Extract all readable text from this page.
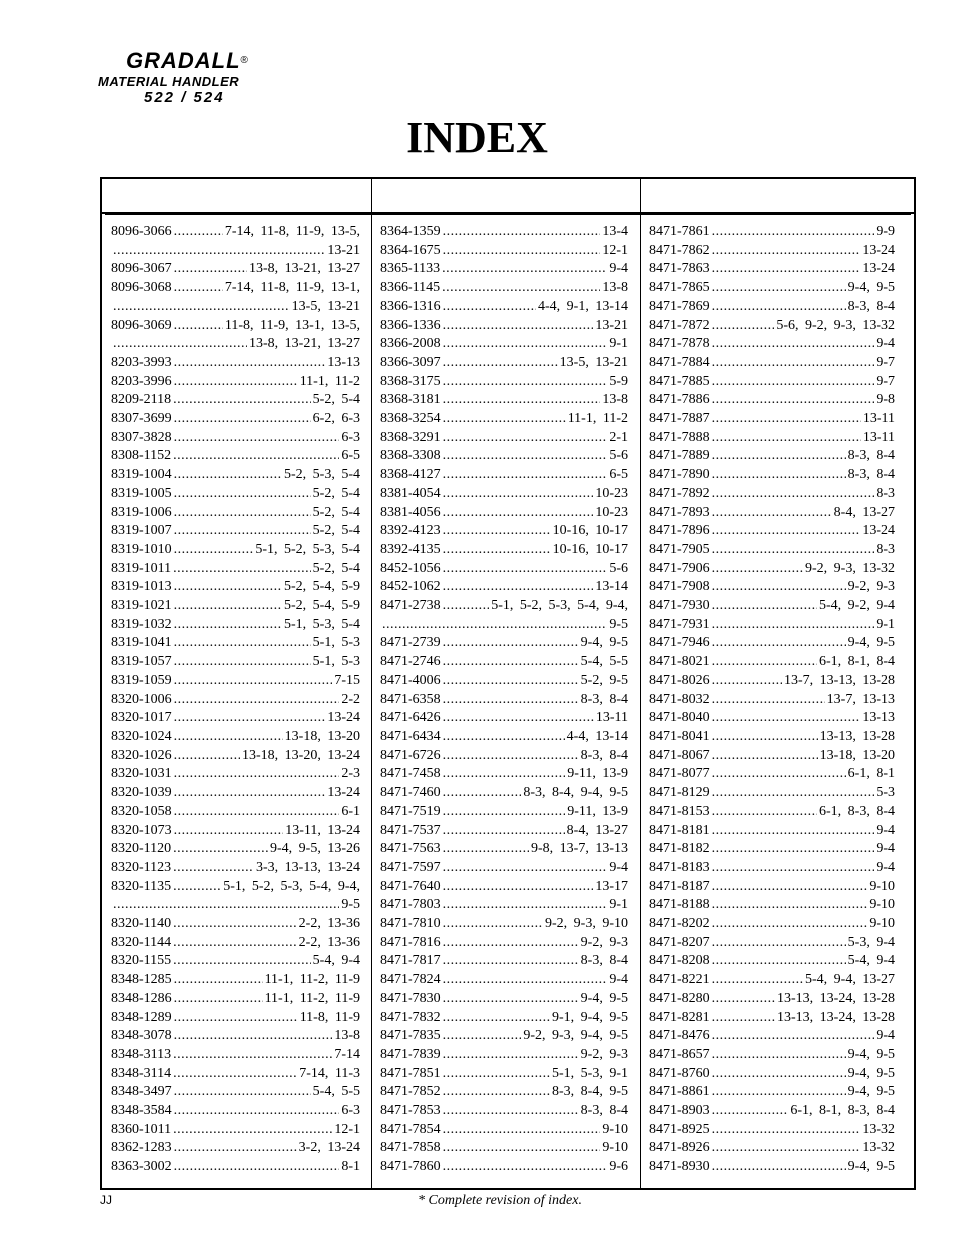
GRADALL®
MATERIAL HANDLER
522 / 524
INDEX
8096-3066 .....	7-14, 11-8, 11-9, 13-5,
.....
13-21
8096-3067 .....	13-8, 13-21, 13-27
8096-3068 .....	7-14, 11-8, 11-9, 13-1,
.....
13-5, 13-21
8096-3069 .....	11-8, 11-9, 13-1, 13-5,
.....
13-8, 13-21, 13-27
8203-3993 .....	13-13
8203-3996 .....	11-1, 11-2
8209-2118 .....	5-2, 5-4
8307-3699 .....	6-2, 6-3
8307-3828 .....	6-3
8308-1152 .....	6-5
8319-1004 .....	5-2, 5-3, 5-4
8319-1005 .....	5-2, 5-4
8319-1006 .....	5-2, 5-4
8319-1007 .....	5-2, 5-4
8319-1010 .....	5-1, 5-2, 5-3, 5-4
8319-1011 .....	5-2, 5-4
8319-1013 .....	5-2, 5-4, 5-9
8319-1021 .....	5-2, 5-4, 5-9
8319-1032 .....	5-1, 5-3, 5-4
8319-1041 .....	5-1, 5-3
8319-1057 .....	5-1, 5-3
8319-1059 .....	7-15
8320-1006 .....	2-2
8320-1017 .....	13-24
8320-1024 .....	13-18, 13-20
8320-1026 .....	13-18, 13-20, 13-24
8320-1031 .....	2-3
8320-1039 .....	13-24
8320-1058 .....	6-1
8320-1073 .....	13-11, 13-24
8320-1120 .....	9-4, 9-5, 13-26
8320-1123 .....	3-3, 13-13, 13-24
8320-1135 .....	5-1, 5-2, 5-3, 5-4, 9-4,
.....
9-5
8320-1140 .....	2-2, 13-36
8320-1144 .....	2-2, 13-36
8320-1155 .....	5-4, 9-4
8348-1285 .....	11-1, 11-2, 11-9
8348-1286 .....	11-1, 11-2, 11-9
8348-1289 .....	11-8, 11-9
8348-3078 .....	13-8
8348-3113 .....	7-14
8348-3114 .....	7-14, 11-3
8348-3497 .....	5-4, 5-5
8348-3584 .....	6-3
8360-1011 .....	12-1
8362-1283 .....	3-2, 13-24
8363-3002 .....	8-1
8364-1359 .....	13-4
8364-1675 .....	12-1
8365-1133 .....	9-4
8366-1145 .....	13-8
8366-1316 .....	4-4, 9-1, 13-14
8366-1336 .....	13-21
8366-2008 .....	9-1
8366-3097 .....	13-5, 13-21
8368-3175 .....	5-9
8368-3181 .....	13-8
8368-3254 .....	11-1, 11-2
8368-3291 .....	2-1
8368-3308 .....	5-6
8368-4127 .....	6-5
8381-4054 .....	10-23
8381-4056 .....	10-23
8392-4123 .....	10-16, 10-17
8392-4135 .....	10-16, 10-17
8452-1056 .....	5-6
8452-1062 .....	13-14
8471-2738 .....	5-1, 5-2, 5-3, 5-4, 9-4,
.....
9-5
8471-2739 .....	9-4, 9-5
8471-2746 .....	5-4, 5-5
8471-4006 .....	5-2, 9-5
8471-6358 .....	8-3, 8-4
8471-6426 .....	13-11
8471-6434 .....	4-4, 13-14
8471-6726 .....	8-3, 8-4
8471-7458 .....	9-11, 13-9
8471-7460 .....	8-3, 8-4, 9-4, 9-5
8471-7519 .....	9-11, 13-9
8471-7537 .....	8-4, 13-27
8471-7563 .....	9-8, 13-7, 13-13
8471-7597 .....	9-4
8471-7640 .....	13-17
8471-7803 .....	9-1
8471-7810 .....	9-2, 9-3, 9-10
8471-7816 .....	9-2, 9-3
8471-7817 .....	8-3, 8-4
8471-7824 .....	9-4
8471-7830 .....	9-4, 9-5
8471-7832 .....	9-1, 9-4, 9-5
8471-7835 .....	9-2, 9-3, 9-4, 9-5
8471-7839 .....	9-2, 9-3
8471-7851 .....	5-1, 5-3, 9-1
8471-7852 .....	8-3, 8-4, 9-5
8471-7853 .....	8-3, 8-4
8471-7854 .....	9-10
8471-7858 .....	9-10
8471-7860 .....	9-6
8471-7861 .....	9-9
8471-7862 .....	13-24
8471-7863 .....	13-24
8471-7865 .....	9-4, 9-5
8471-7869 .....	8-3, 8-4
8471-7872 .....	5-6, 9-2, 9-3, 13-32
8471-7878 .....	9-4
8471-7884 .....	9-7
8471-7885 .....	9-7
8471-7886 .....	9-8
8471-7887 .....	13-11
8471-7888 .....	13-11
8471-7889 .....	8-3, 8-4
8471-7890 .....	8-3, 8-4
8471-7892 .....	8-3
8471-7893 .....	8-4, 13-27
8471-7896 .....	13-24
8471-7905 .....	8-3
8471-7906 .....	9-2, 9-3, 13-32
8471-7908 .....	9-2, 9-3
8471-7930 .....	5-4, 9-2, 9-4
8471-7931 .....	9-1
8471-7946 .....	9-4, 9-5
8471-8021 .....	6-1, 8-1, 8-4
8471-8026 .....	13-7, 13-13, 13-28
8471-8032 .....	13-7, 13-13
8471-8040 .....	13-13
8471-8041 .....	13-13, 13-28
8471-8067 .....	13-18, 13-20
8471-8077 .....	6-1, 8-1
8471-8129 .....	5-3
8471-8153 .....	6-1, 8-3, 8-4
8471-8181 .....	9-4
8471-8182 .....	9-4
8471-8183 .....	9-4
8471-8187 .....	9-10
8471-8188 .....	9-10
8471-8202 .....	9-10
8471-8207 .....	5-3, 9-4
8471-8208 .....	5-4, 9-4
8471-8221 .....	5-4, 9-4, 13-27
8471-8280 .....	13-13, 13-24, 13-28
8471-8281 .....	13-13, 13-24, 13-28
8471-8476 .....	9-4
8471-8657 .....	9-4, 9-5
8471-8760 .....	9-4, 9-5
8471-8861 .....	9-4, 9-5
8471-8903 .....	6-1, 8-1, 8-3, 8-4
8471-8925 .....	13-32
8471-8926 .....	13-32
8471-8930 .....	9-4, 9-5
JJ	* Complete revision of index.
